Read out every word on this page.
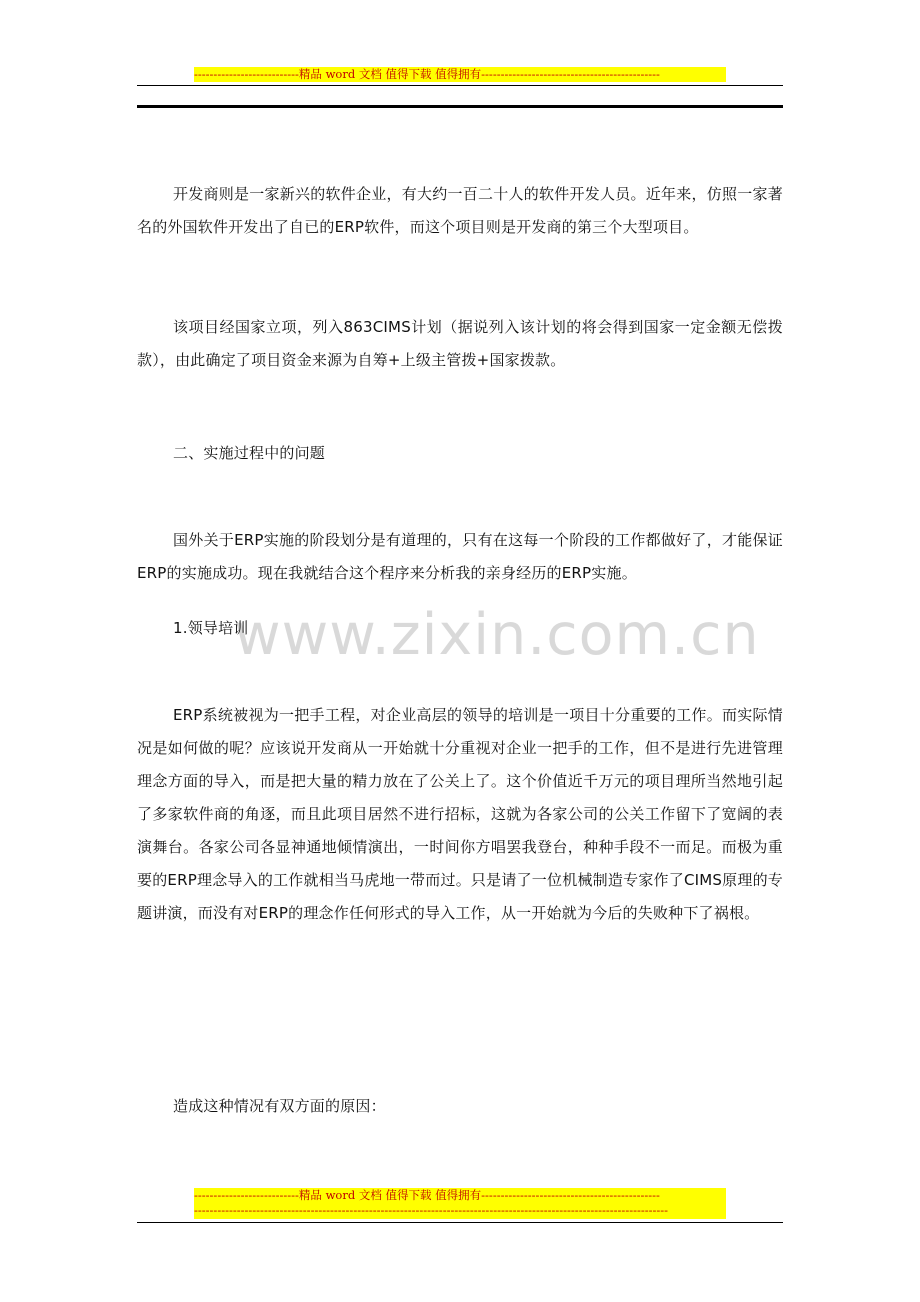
---------------------------精品 word 文档 值得下载 值得拥有----------------------------------------------
www.zixin.com.cn

开发商则是一家新兴的软件企业，有大约一百二十人的软件开发人员。近年来，仿照一家著名的外国软件开发出了自已的ERP软件，而这个项目则是开发商的第三个大型项目。

该项目经国家立项，列入863CIMS计划（据说列入该计划的将会得到国家一定金额无偿拨款），由此确定了项目资金来源为自筹+上级主管拨+国家拨款。

二、实施过程中的问题

国外关于ERP实施的阶段划分是有道理的，只有在这每一个阶段的工作都做好了，才能保证ERP的实施成功。现在我就结合这个程序来分析我的亲身经历的ERP实施。

1.领导培训

ERP系统被视为一把手工程，对企业高层的领导的培训是一项目十分重要的工作。而实际情况是如何做的呢？应该说开发商从一开始就十分重视对企业一把手的工作，但不是进行先进管理理念方面的导入，而是把大量的精力放在了公关上了。这个价值近千万元的项目理所当然地引起了多家软件商的角逐，而且此项目居然不进行招标，这就为各家公司的公关工作留下了宽阔的表演舞台。各家公司各显神通地倾情演出，一时间你方唱罢我登台，种种手段不一而足。而极为重要的ERP理念导入的工作就相当马虎地一带而过。只是请了一位机械制造专家作了CIMS原理的专题讲演，而没有对ERP的理念作任何形式的导入工作，从一开始就为今后的失败种下了祸根。

造成这种情况有双方面的原因：

---------------------------精品 word 文档 值得下载 值得拥有----------------------------------------------
--------------------------------------------------------------------------------------------------------------------------
